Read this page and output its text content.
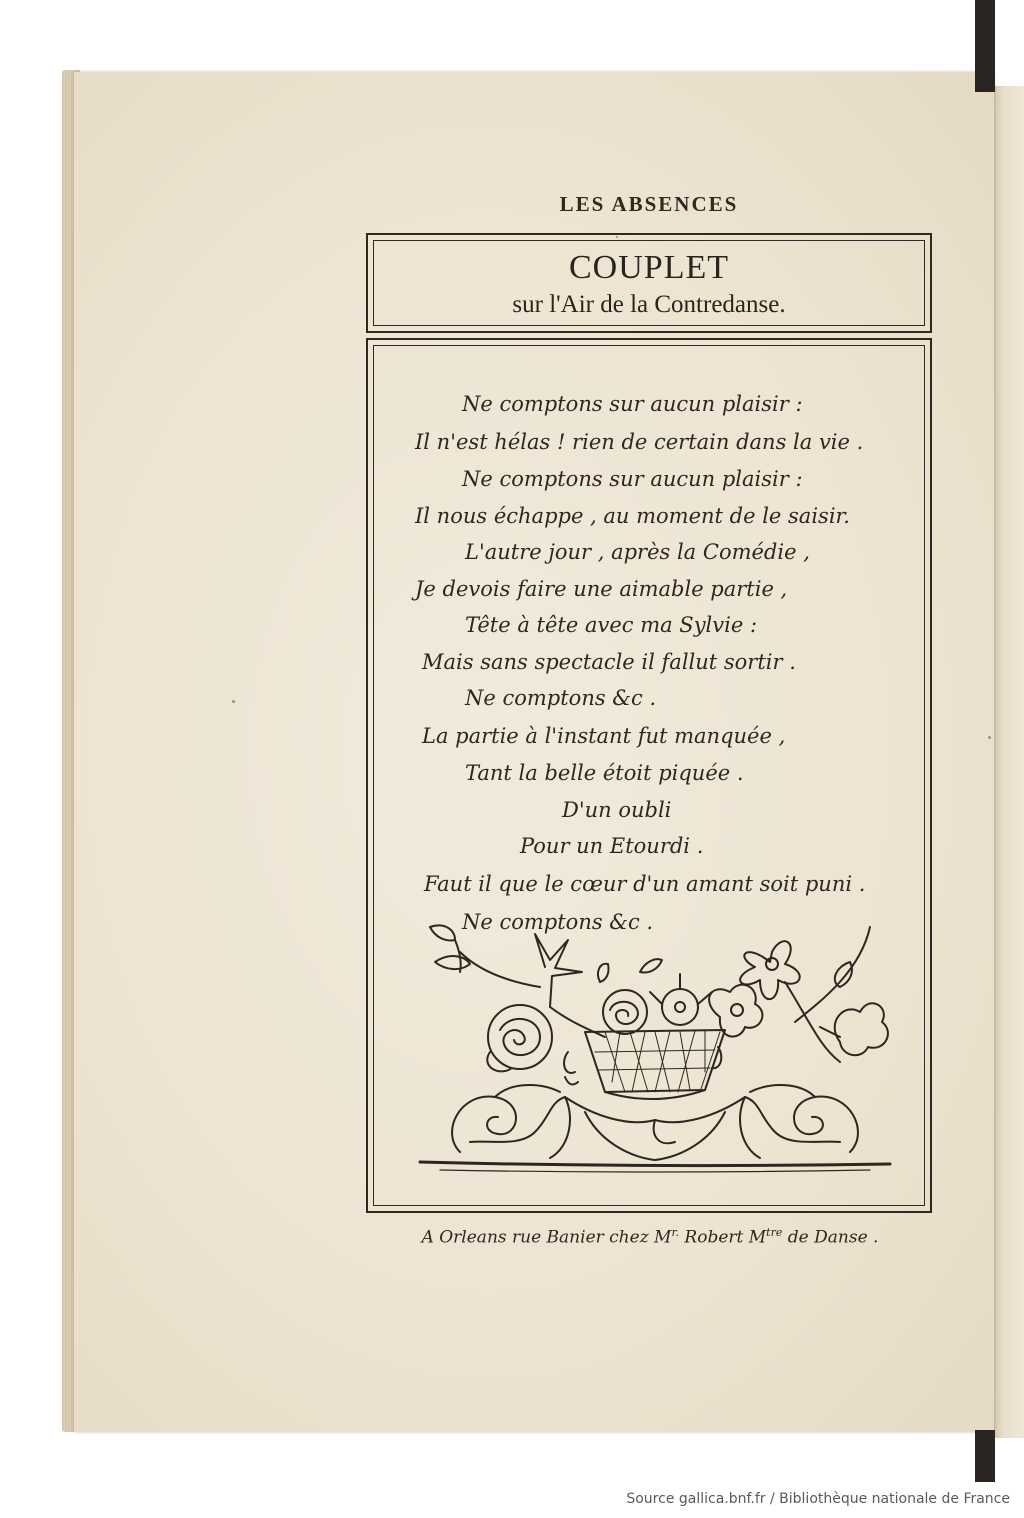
LES ABSENCES
COUPLET
sur l'Air de la Contredanse.
Ne comptons sur aucun plaisir :
Il n'est hélas ! rien de certain dans la vie .
Ne comptons sur aucun plaisir :
Il nous échappe , au moment de le saisir.
L'autre jour , après la Comédie ,
Je devois faire une aimable partie ,
Tête à tête avec ma Sylvie :
Mais sans spectacle il fallut sortir .
Ne comptons &c .
La partie à l'instant fut manquée ,
Tant la belle étoit piquée .
D'un oubli
Pour un Etourdi .
Faut il que le cœur d'un amant soit puni .
Ne comptons &c .
A Orleans rue Banier chez $M^{r.}$ Robert $M^{tre}$ de Danse .
Source gallica.bnf.fr / Bibliothèque nationale de France
